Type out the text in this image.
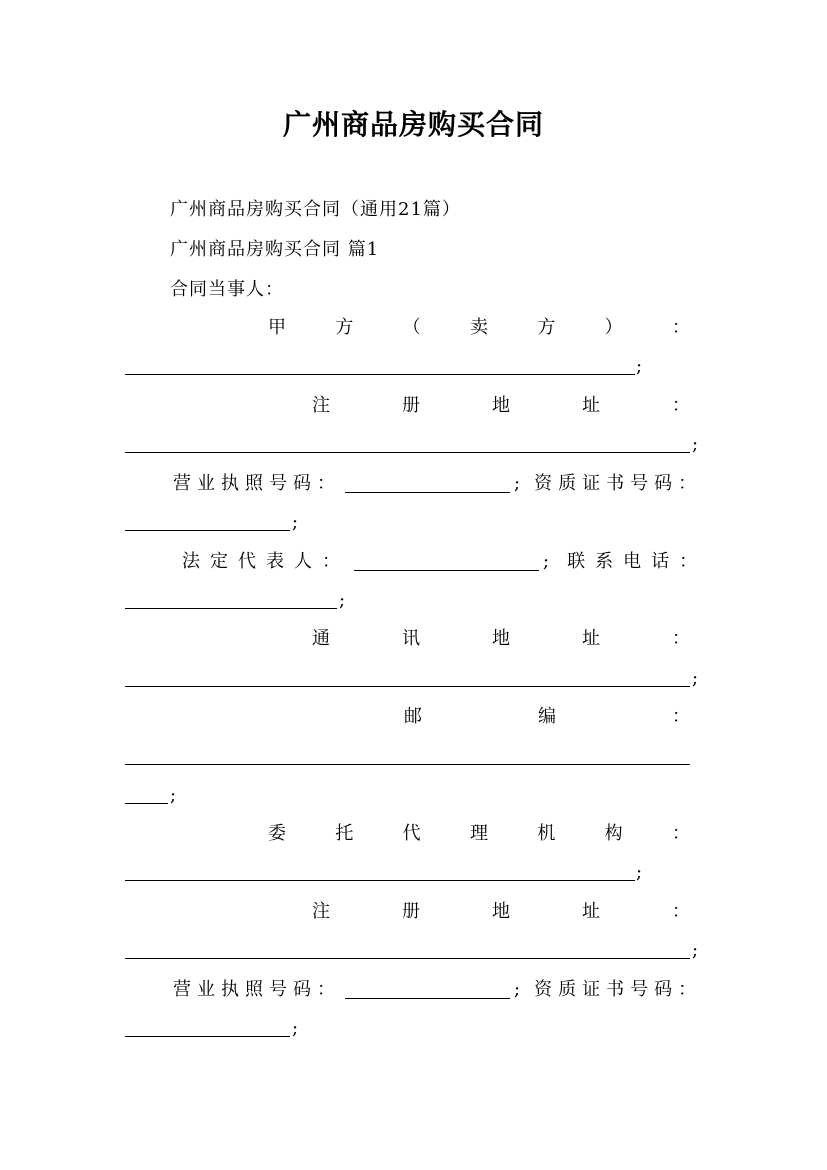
广州商品房购买合同
广州商品房购买合同（通用21篇）
广州商品房购买合同 篇1
合同当事人：
甲	方	（	卖	方	）	：
;
注	册	地	址	：
;
营业执照号码：	; 资质证书号码：
;
法定代表人：	; 联系电话：
;
通	讯	地	址	：
;
邮	编	：
;
委	托	代	理	机	构	：
;
注	册	地	址	：
;
营业执照号码：	; 资质证书号码：
;
